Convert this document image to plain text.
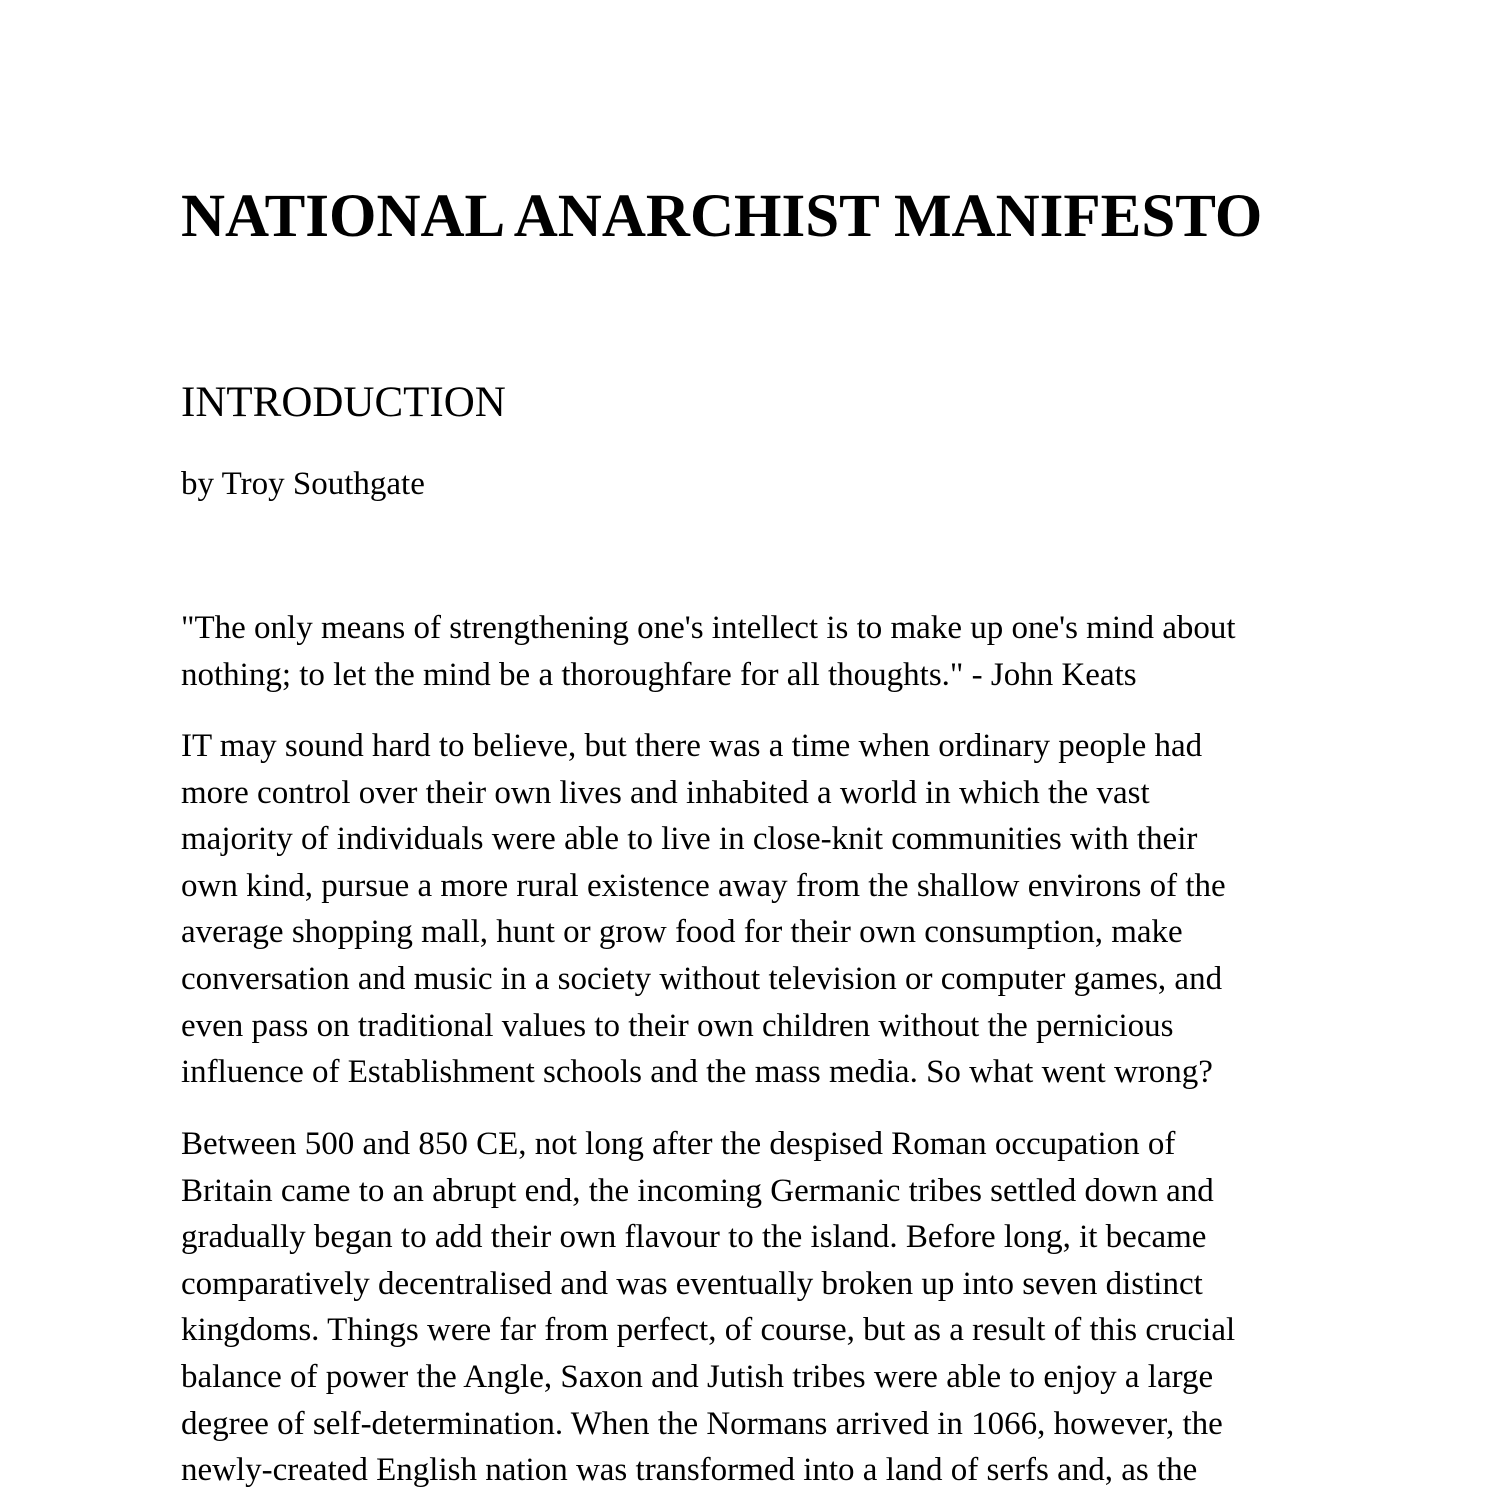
NATIONAL ANARCHIST MANIFESTO
INTRODUCTION

by Troy Southgate

"The only means of strengthening one's intellect is to make up one's mind about
nothing; to let the mind be a thoroughfare for all thoughts." - John Keats

IT may sound hard to believe, but there was a time when ordinary people had
more control over their own lives and inhabited a world in which the vast
majority of individuals were able to live in close-knit communities with their
own kind, pursue a more rural existence away from the shallow environs of the
average shopping mall, hunt or grow food for their own consumption, make
conversation and music in a society without television or computer games, and
even pass on traditional values to their own children without the pernicious
influence of Establishment schools and the mass media. So what went wrong?

Between 500 and 850 CE, not long after the despised Roman occupation of
Britain came to an abrupt end, the incoming Germanic tribes settled down and
gradually began to add their own flavour to the island. Before long, it became
comparatively decentralised and was eventually broken up into seven distinct
kingdoms. Things were far from perfect, of course, but as a result of this crucial
balance of power the Angle, Saxon and Jutish tribes were able to enjoy a large
degree of self-determination. When the Normans arrived in 1066, however, the
newly-created English nation was transformed into a land of serfs and, as the
